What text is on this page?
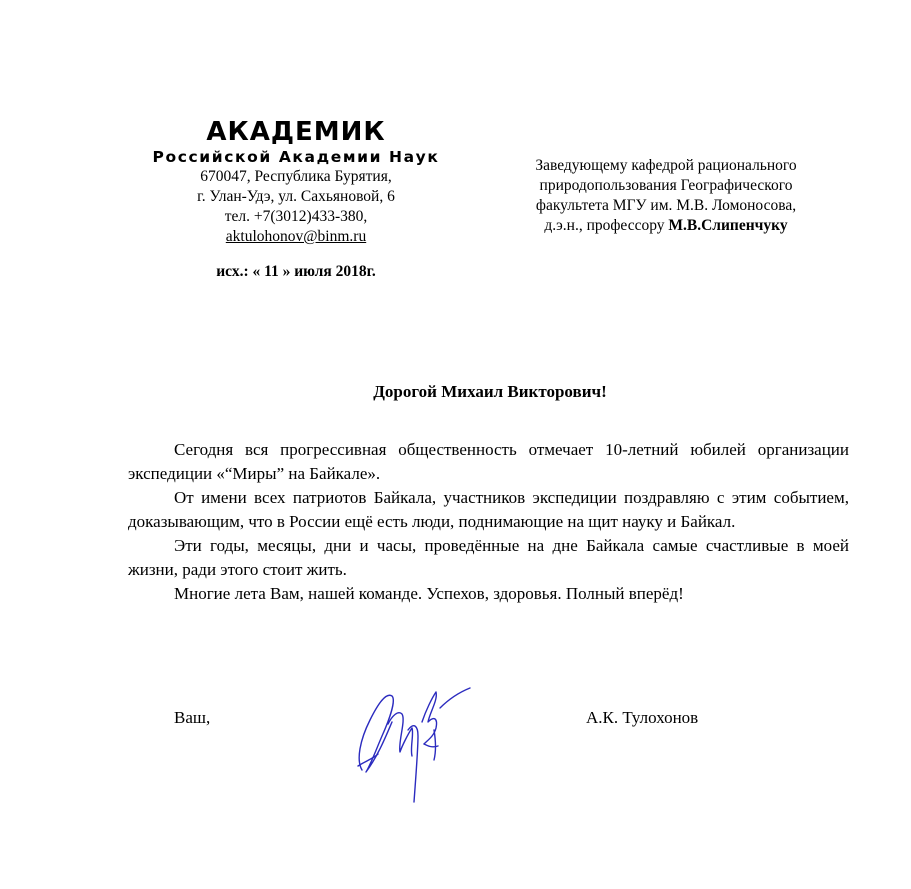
АКАДЕМИК
Российской Академии Наук
670047, Республика Бурятия,
г. Улан-Удэ, ул. Сахьяновой, 6
тел. +7(3012)433-380,
aktulohonov@binm.ru
исх.: « 11 » июля 2018г.
Заведующему кафедрой рационального
природопользования Географического
факультета МГУ им. М.В. Ломоносова,
д.э.н., профессору М.В.Слипенчуку
Дорогой Михаил Викторович!

Сегодня вся прогрессивная общественность отмечает 10-летний юбилей организации экспедиции «“Миры” на Байкале».

От имени всех патриотов Байкала, участников экспедиции поздравляю с этим событием, доказывающим, что в России ещё есть люди, поднимающие на щит науку и Байкал.

Эти годы, месяцы, дни и часы, проведённые на дне Байкала самые счастливые в моей жизни, ради этого стоит жить.

Многие лета Вам, нашей команде. Успехов, здоровья. Полный вперёд!

Ваш,	А.К. Тулохонов
